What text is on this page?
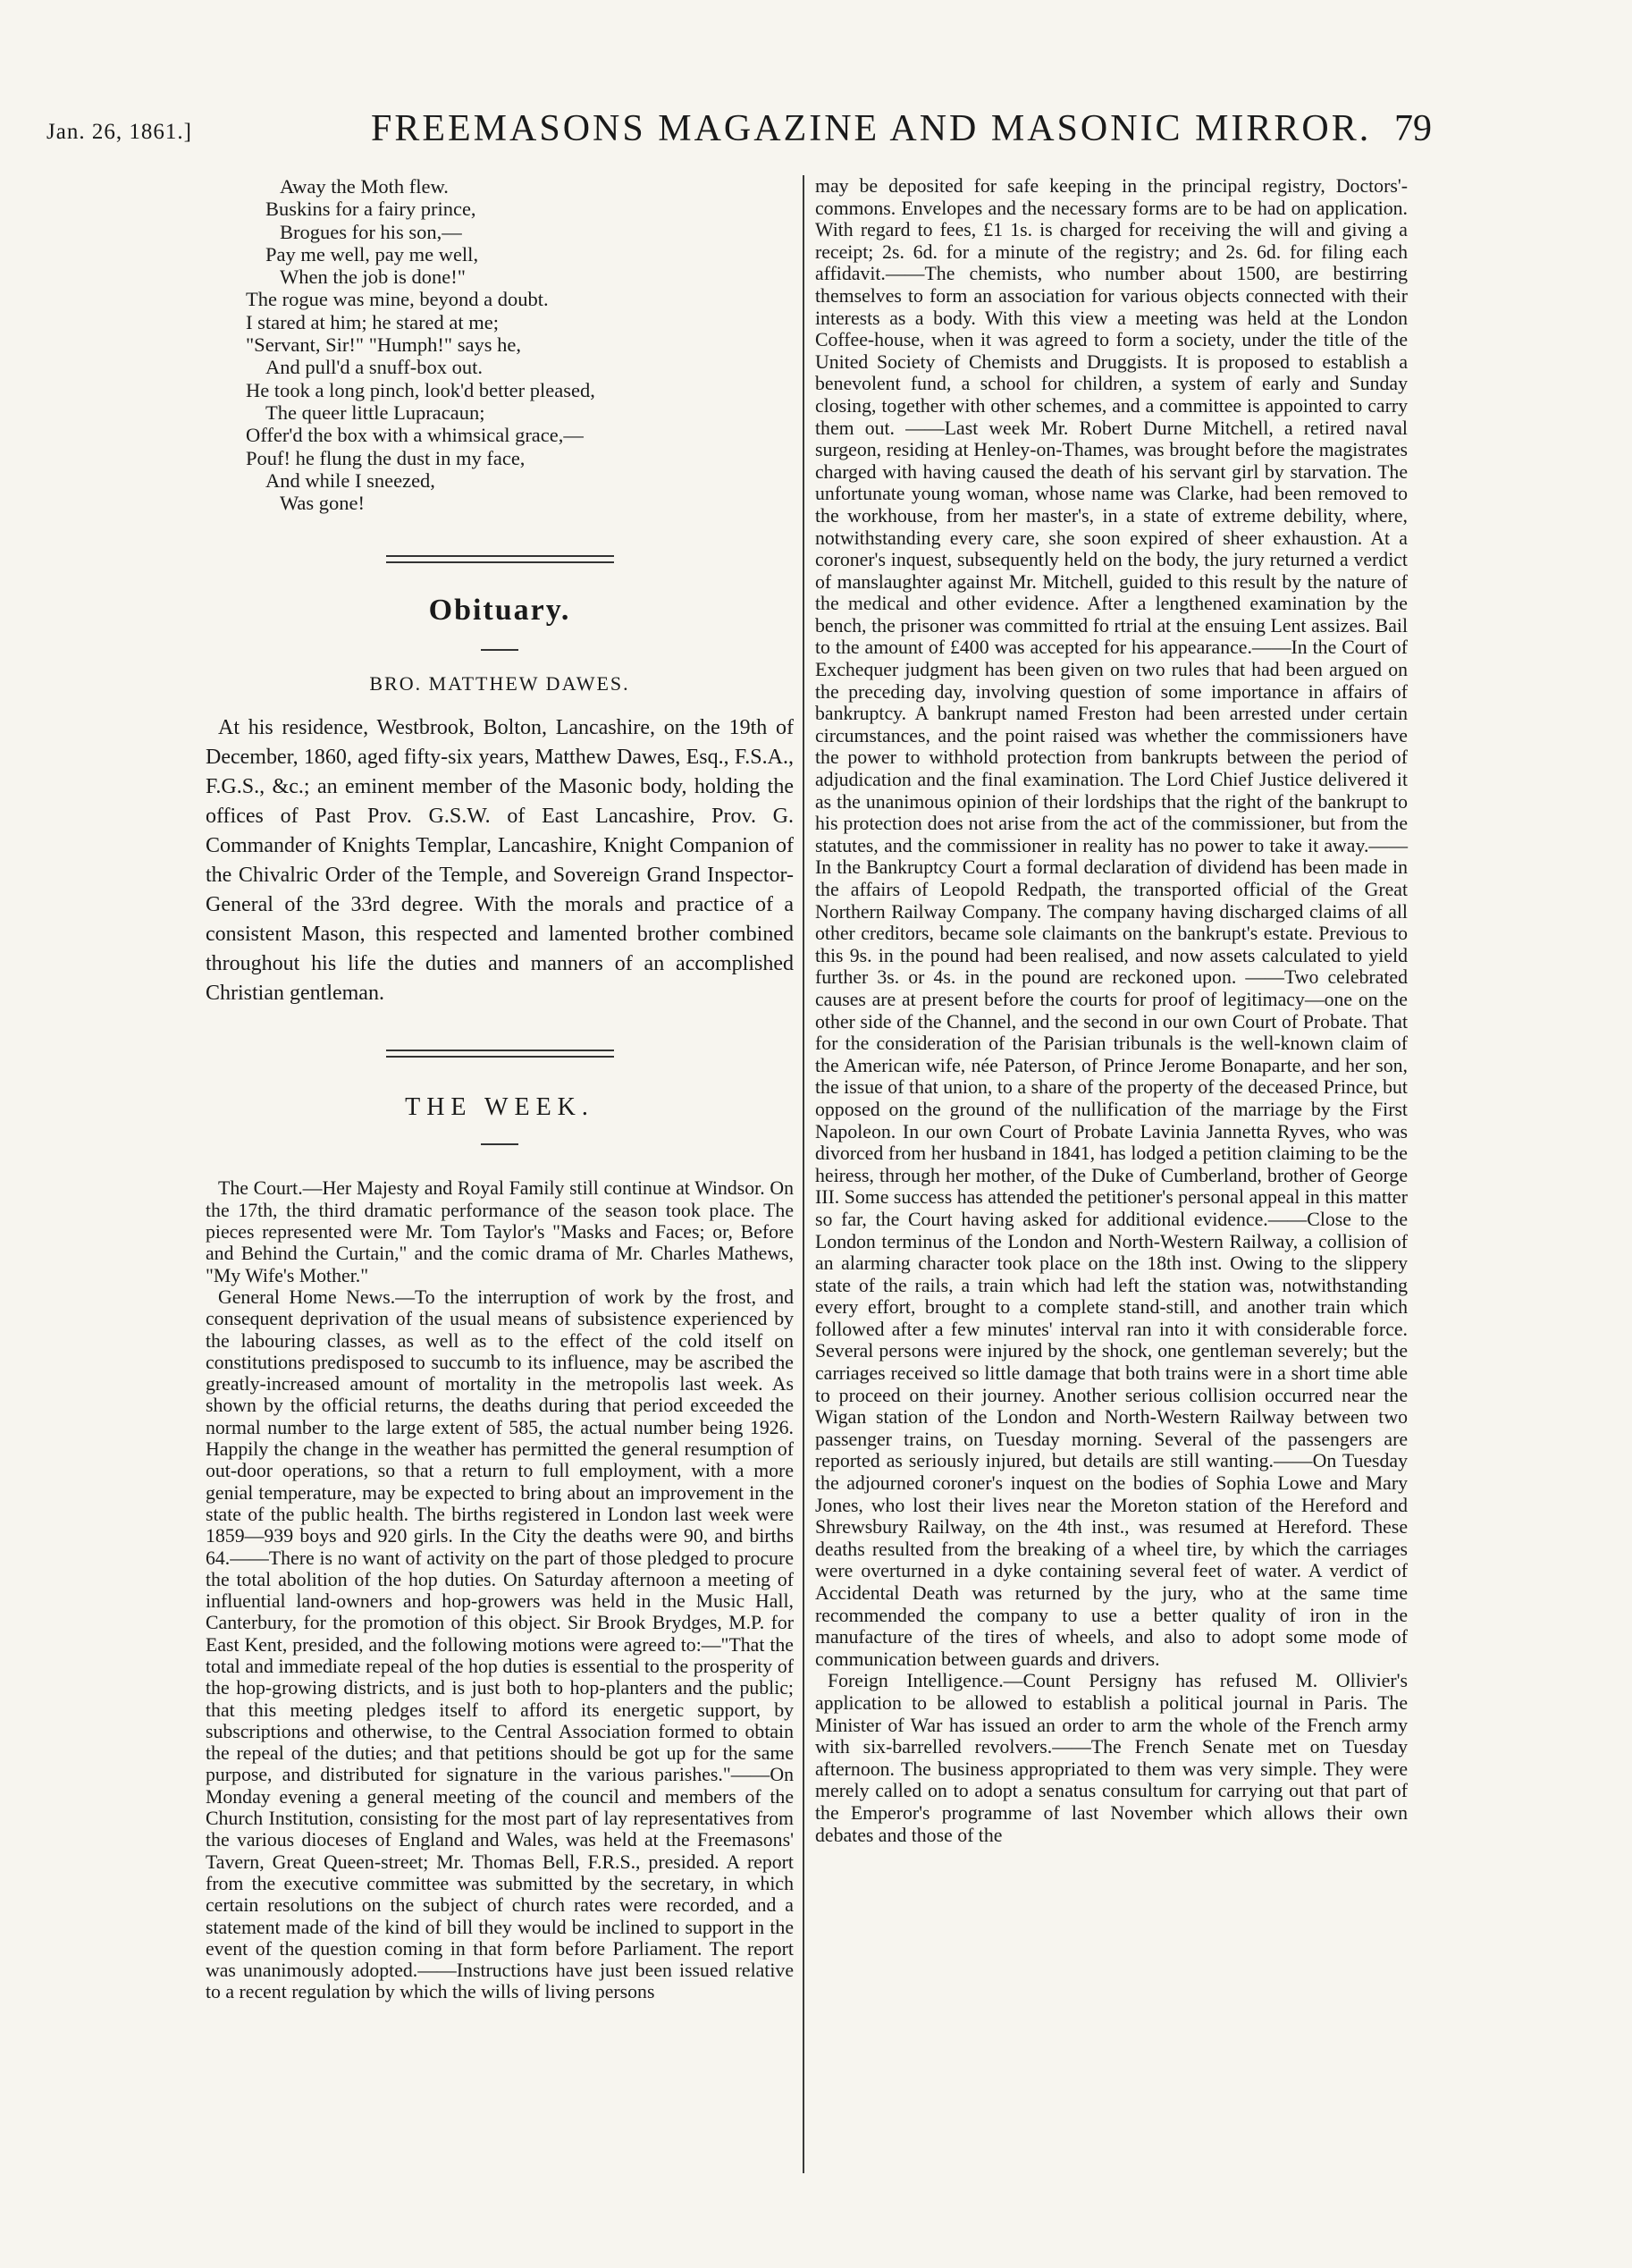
Jan. 26, 1861.]	FREEMASONS MAGAZINE AND MASONIC MIRROR. 79
Away the Moth flew.
Buskins for a fairy prince,
Brogues for his son,—
Pay me well, pay me well,
When the job is done!"
The rogue was mine, beyond a doubt.
I stared at him; he stared at me;
"Servant, Sir!" "Humph!" says he,
And pull'd a snuff-box out.
He took a long pinch, look'd better pleased,
The queer little Lupracaun;
Offer'd the box with a whimsical grace,—
Pouf! he flung the dust in my face,
And while I sneezed,
Was gone!
Obituary.
BRO. MATTHEW DAWES.

At his residence, Westbrook, Bolton, Lancashire, on the 19th of December, 1860, aged fifty-six years, Matthew Dawes, Esq., F.S.A., F.G.S., &c.; an eminent member of the Masonic body, holding the offices of Past Prov. G.S.W. of East Lancashire, Prov. G. Commander of Knights Templar, Lancashire, Knight Companion of the Chivalric Order of the Temple, and Sovereign Grand Inspector-General of the 33rd degree. With the morals and practice of a consistent Mason, this respected and lamented brother combined throughout his life the duties and manners of an accomplished Christian gentleman.

THE WEEK.

The Court.—Her Majesty and Royal Family still continue at Windsor. On the 17th, the third dramatic performance of the season took place. The pieces represented were Mr. Tom Taylor's "Masks and Faces; or, Before and Behind the Curtain," and the comic drama of Mr. Charles Mathews, "My Wife's Mother."

General Home News.—To the interruption of work by the frost, and consequent deprivation of the usual means of subsistence experienced by the labouring classes, as well as to the effect of the cold itself on constitutions predisposed to succumb to its influence, may be ascribed the greatly-increased amount of mortality in the metropolis last week. As shown by the official returns, the deaths during that period exceeded the normal number to the large extent of 585, the actual number being 1926. Happily the change in the weather has permitted the general resumption of out-door operations, so that a return to full employment, with a more genial temperature, may be expected to bring about an improvement in the state of the public health. The births registered in London last week were 1859—939 boys and 920 girls. In the City the deaths were 90, and births 64.——There is no want of activity on the part of those pledged to procure the total abolition of the hop duties. On Saturday afternoon a meeting of influential land-owners and hop-growers was held in the Music Hall, Canterbury, for the promotion of this object. Sir Brook Brydges, M.P. for East Kent, presided, and the following motions were agreed to:—"That the total and immediate repeal of the hop duties is essential to the prosperity of the hop-growing districts, and is just both to hop-planters and the public; that this meeting pledges itself to afford its energetic support, by subscriptions and otherwise, to the Central Association formed to obtain the repeal of the duties; and that petitions should be got up for the same purpose, and distributed for signature in the various parishes."——On Monday evening a general meeting of the council and members of the Church Institution, consisting for the most part of lay representatives from the various dioceses of England and Wales, was held at the Freemasons' Tavern, Great Queen-street; Mr. Thomas Bell, F.R.S., presided. A report from the executive committee was submitted by the secretary, in which certain resolutions on the subject of church rates were recorded, and a statement made of the kind of bill they would be inclined to support in the event of the question coming in that form before Parliament. The report was unanimously adopted.——Instructions have just been issued relative to a recent regulation by which the wills of living persons

may be deposited for safe keeping in the principal registry, Doctors'-commons. Envelopes and the necessary forms are to be had on application. With regard to fees, £1 1s. is charged for receiving the will and giving a receipt; 2s. 6d. for a minute of the registry; and 2s. 6d. for filing each affidavit.——The chemists, who number about 1500, are bestirring themselves to form an association for various objects connected with their interests as a body. With this view a meeting was held at the London Coffee-house, when it was agreed to form a society, under the title of the United Society of Chemists and Druggists. It is proposed to establish a benevolent fund, a school for children, a system of early and Sunday closing, together with other schemes, and a committee is appointed to carry them out. ——Last week Mr. Robert Durne Mitchell, a retired naval surgeon, residing at Henley-on-Thames, was brought before the magistrates charged with having caused the death of his servant girl by starvation. The unfortunate young woman, whose name was Clarke, had been removed to the workhouse, from her master's, in a state of extreme debility, where, notwithstanding every care, she soon expired of sheer exhaustion. At a coroner's inquest, subsequently held on the body, the jury returned a verdict of manslaughter against Mr. Mitchell, guided to this result by the nature of the medical and other evidence. After a lengthened examination by the bench, the prisoner was committed fo rtrial at the ensuing Lent assizes. Bail to the amount of £400 was accepted for his appearance.——In the Court of Exchequer judgment has been given on two rules that had been argued on the preceding day, involving question of some importance in affairs of bankruptcy. A bankrupt named Freston had been arrested under certain circumstances, and the point raised was whether the commissioners have the power to withhold protection from bankrupts between the period of adjudication and the final examination. The Lord Chief Justice delivered it as the unanimous opinion of their lordships that the right of the bankrupt to his protection does not arise from the act of the commissioner, but from the statutes, and the commissioner in reality has no power to take it away.——In the Bankruptcy Court a formal declaration of dividend has been made in the affairs of Leopold Redpath, the transported official of the Great Northern Railway Company. The company having discharged claims of all other creditors, became sole claimants on the bankrupt's estate. Previous to this 9s. in the pound had been realised, and now assets calculated to yield further 3s. or 4s. in the pound are reckoned upon. ——Two celebrated causes are at present before the courts for proof of legitimacy—one on the other side of the Channel, and the second in our own Court of Probate. That for the consideration of the Parisian tribunals is the well-known claim of the American wife, née Paterson, of Prince Jerome Bonaparte, and her son, the issue of that union, to a share of the property of the deceased Prince, but opposed on the ground of the nullification of the marriage by the First Napoleon. In our own Court of Probate Lavinia Jannetta Ryves, who was divorced from her husband in 1841, has lodged a petition claiming to be the heiress, through her mother, of the Duke of Cumberland, brother of George III. Some success has attended the petitioner's personal appeal in this matter so far, the Court having asked for additional evidence.——Close to the London terminus of the London and North-Western Railway, a collision of an alarming character took place on the 18th inst. Owing to the slippery state of the rails, a train which had left the station was, notwithstanding every effort, brought to a complete stand-still, and another train which followed after a few minutes' interval ran into it with considerable force. Several persons were injured by the shock, one gentleman severely; but the carriages received so little damage that both trains were in a short time able to proceed on their journey. Another serious collision occurred near the Wigan station of the London and North-Western Railway between two passenger trains, on Tuesday morning. Several of the passengers are reported as seriously injured, but details are still wanting.——On Tuesday the adjourned coroner's inquest on the bodies of Sophia Lowe and Mary Jones, who lost their lives near the Moreton station of the Hereford and Shrewsbury Railway, on the 4th inst., was resumed at Hereford. These deaths resulted from the breaking of a wheel tire, by which the carriages were overturned in a dyke containing several feet of water. A verdict of Accidental Death was returned by the jury, who at the same time recommended the company to use a better quality of iron in the manufacture of the tires of wheels, and also to adopt some mode of communication between guards and drivers.

Foreign Intelligence.—Count Persigny has refused M. Ollivier's application to be allowed to establish a political journal in Paris. The Minister of War has issued an order to arm the whole of the French army with six-barrelled revolvers.——The French Senate met on Tuesday afternoon. The business appropriated to them was very simple. They were merely called on to adopt a senatus consultum for carrying out that part of the Emperor's programme of last November which allows their own debates and those of the
